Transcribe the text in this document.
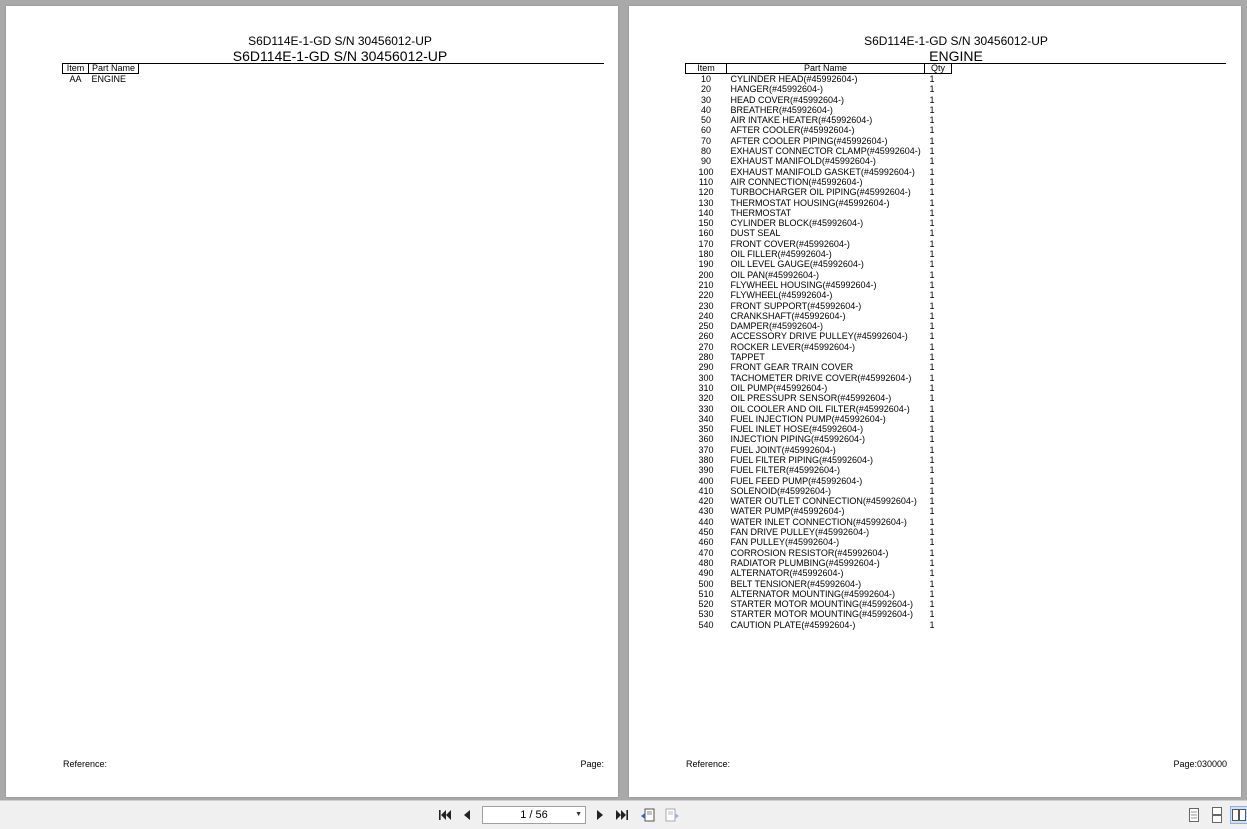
S6D114E-1-GD S/N 30456012-UP
S6D114E-1-GD S/N 30456012-UP
Item	Part Name
AA	ENGINE
Reference:	Page:
S6D114E-1-GD S/N 30456012-UP
ENGINE
Item	Part Name	Qty
10	CYLINDER HEAD(#45992604-)	1
20	HANGER(#45992604-)	1
30	HEAD COVER(#45992604-)	1
40	BREATHER(#45992604-)	1
50	AIR INTAKE HEATER(#45992604-)	1
60	AFTER COOLER(#45992604-)	1
70	AFTER COOLER PIPING(#45992604-)	1
80	EXHAUST CONNECTOR CLAMP(#45992604-)	1
90	EXHAUST MANIFOLD(#45992604-)	1
100	EXHAUST MANIFOLD GASKET(#45992604-)	1
110	AIR CONNECTION(#45992604-)	1
120	TURBOCHARGER OIL PIPING(#45992604-)	1
130	THERMOSTAT HOUSING(#45992604-)	1
140	THERMOSTAT	1
150	CYLINDER BLOCK(#45992604-)	1
160	DUST SEAL	1
170	FRONT COVER(#45992604-)	1
180	OIL FILLER(#45992604-)	1
190	OIL LEVEL GAUGE(#45992604-)	1
200	OIL PAN(#45992604-)	1
210	FLYWHEEL HOUSING(#45992604-)	1
220	FLYWHEEL(#45992604-)	1
230	FRONT SUPPORT(#45992604-)	1
240	CRANKSHAFT(#45992604-)	1
250	DAMPER(#45992604-)	1
260	ACCESSORY DRIVE PULLEY(#45992604-)	1
270	ROCKER LEVER(#45992604-)	1
280	TAPPET	1
290	FRONT GEAR TRAIN COVER	1
300	TACHOMETER DRIVE COVER(#45992604-)	1
310	OIL PUMP(#45992604-)	1
320	OIL PRESSUPR SENSOR(#45992604-)	1
330	OIL COOLER AND OIL FILTER(#45992604-)	1
340	FUEL INJECTION PUMP(#45992604-)	1
350	FUEL INLET HOSE(#45992604-)	1
360	INJECTION PIPING(#45992604-)	1
370	FUEL JOINT(#45992604-)	1
380	FUEL FILTER PIPING(#45992604-)	1
390	FUEL FILTER(#45992604-)	1
400	FUEL FEED PUMP(#45992604-)	1
410	SOLENOID(#45992604-)	1
420	WATER OUTLET CONNECTION(#45992604-)	1
430	WATER PUMP(#45992604-)	1
440	WATER INLET CONNECTION(#45992604-)	1
450	FAN DRIVE PULLEY(#45992604-)	1
460	FAN PULLEY(#45992604-)	1
470	CORROSION RESISTOR(#45992604-)	1
480	RADIATOR PLUMBING(#45992604-)	1
490	ALTERNATOR(#45992604-)	1
500	BELT TENSIONER(#45992604-)	1
510	ALTERNATOR MOUNTING(#45992604-)	1
520	STARTER MOTOR MOUNTING(#45992604-)	1
530	STARTER MOTOR MOUNTING(#45992604-)	1
540	CAUTION PLATE(#45992604-)	1
Reference:	Page:030000
1 / 56	▼
